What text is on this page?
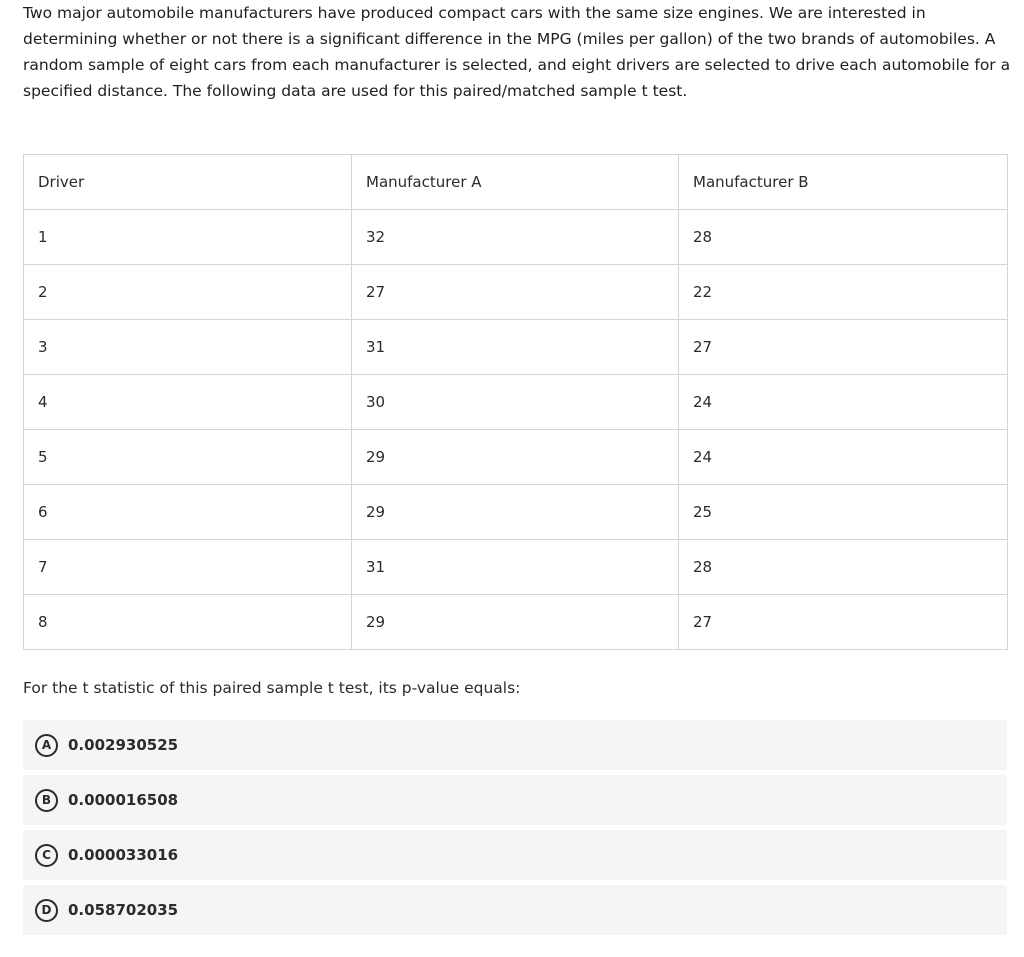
Two major automobile manufacturers have produced compact cars with the same size engines. We are interested in determining whether or not there is a significant difference in the MPG (miles per gallon) of the two brands of automobiles. A random sample of eight cars from each manufacturer is selected, and eight drivers are selected to drive each automobile for a specified distance. The following data are used for this paired/matched sample t test.

Driver	Manufacturer A	Manufacturer B
1	32	28
2	27	22
3	31	27
4	30	24
5	29	24
6	29	25
7	31	28
8	29	27
For the t statistic of this paired sample t test, its p-value equals:
A	0.002930525
B	0.000016508
C	0.000033016
D	0.058702035
